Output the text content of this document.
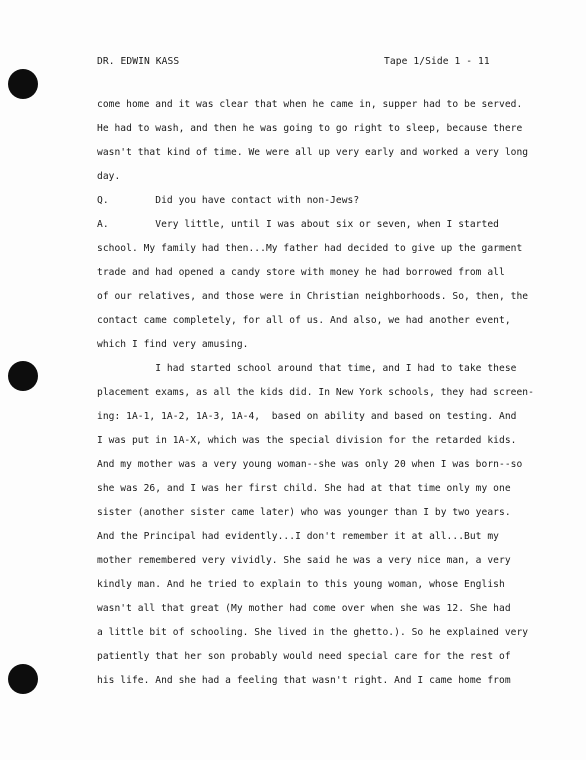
DR. EDWIN KASS	Tape 1/Side 1 - 11
come home and it was clear that when he came in, supper had to be served.
He had to wash, and then he was going to go right to sleep, because there
wasn't that kind of time. We were all up very early and worked a very long
day.
Q.        Did you have contact with non-Jews?
A.        Very little, until I was about six or seven, when I started
school. My family had then...My father had decided to give up the garment
trade and had opened a candy store with money he had borrowed from all
of our relatives, and those were in Christian neighborhoods. So, then, the
contact came completely, for all of us. And also, we had another event,
which I find very amusing.
I had started school around that time, and I had to take these
placement exams, as all the kids did. In New York schools, they had screen-
ing: 1A-1, 1A-2, 1A-3, 1A-4,  based on ability and based on testing. And
I was put in 1A-X, which was the special division for the retarded kids.
And my mother was a very young woman--she was only 20 when I was born--so
she was 26, and I was her first child. She had at that time only my one
sister (another sister came later) who was younger than I by two years.
And the Principal had evidently...I don't remember it at all...But my
mother remembered very vividly. She said he was a very nice man, a very
kindly man. And he tried to explain to this young woman, whose English
wasn't all that great (My mother had come over when she was 12. She had
a little bit of schooling. She lived in the ghetto.). So he explained very
patiently that her son probably would need special care for the rest of
his life. And she had a feeling that wasn't right. And I came home from
